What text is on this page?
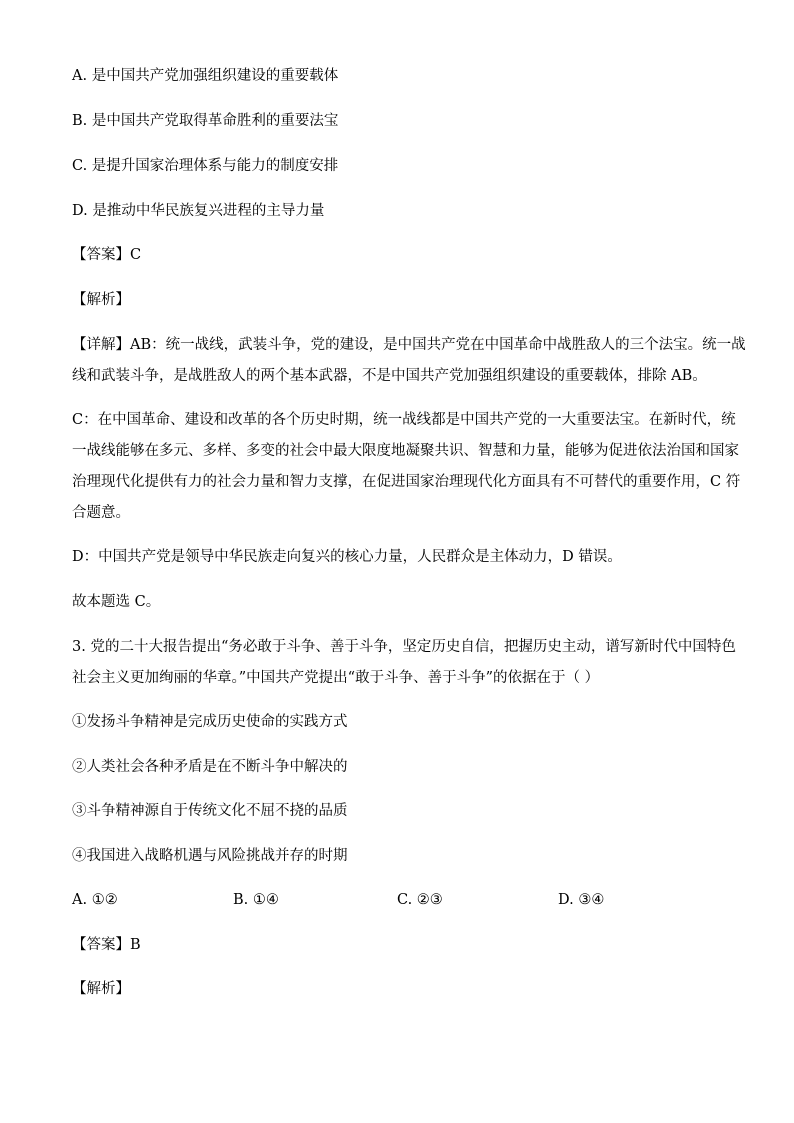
A. 是中国共产党加强组织建设的重要载体
B. 是中国共产党取得革命胜利的重要法宝
C. 是提升国家治理体系与能力的制度安排
D. 是推动中华民族复兴进程的主导力量
【答案】C
【解析】
【详解】AB：统一战线，武装斗争，党的建设，是中国共产党在中国革命中战胜敌人的三个法宝。统一战
线和武装斗争，是战胜敌人的两个基本武器，不是中国共产党加强组织建设的重要载体，排除 AB。
C：在中国革命、建设和改革的各个历史时期，统一战线都是中国共产党的一大重要法宝。在新时代，统
一战线能够在多元、多样、多变的社会中最大限度地凝聚共识、智慧和力量，能够为促进依法治国和国家
治理现代化提供有力的社会力量和智力支撑，在促进国家治理现代化方面具有不可替代的重要作用，C 符
合题意。
D：中国共产党是领导中华民族走向复兴的核心力量，人民群众是主体动力，D 错误。
故本题选 C。
3. 党的二十大报告提出“务必敢于斗争、善于斗争，坚定历史自信，把握历史主动，谱写新时代中国特色
社会主义更加绚丽的华章。”中国共产党提出“敢于斗争、善于斗争”的依据在于（ ）
①发扬斗争精神是完成历史使命的实践方式
②人类社会各种矛盾是在不断斗争中解决的
③斗争精神源自于传统文化不屈不挠的品质
④我国进入战略机遇与风险挑战并存的时期
A. ①②	B. ①④	C. ②③	D. ③④
【答案】B
【解析】
